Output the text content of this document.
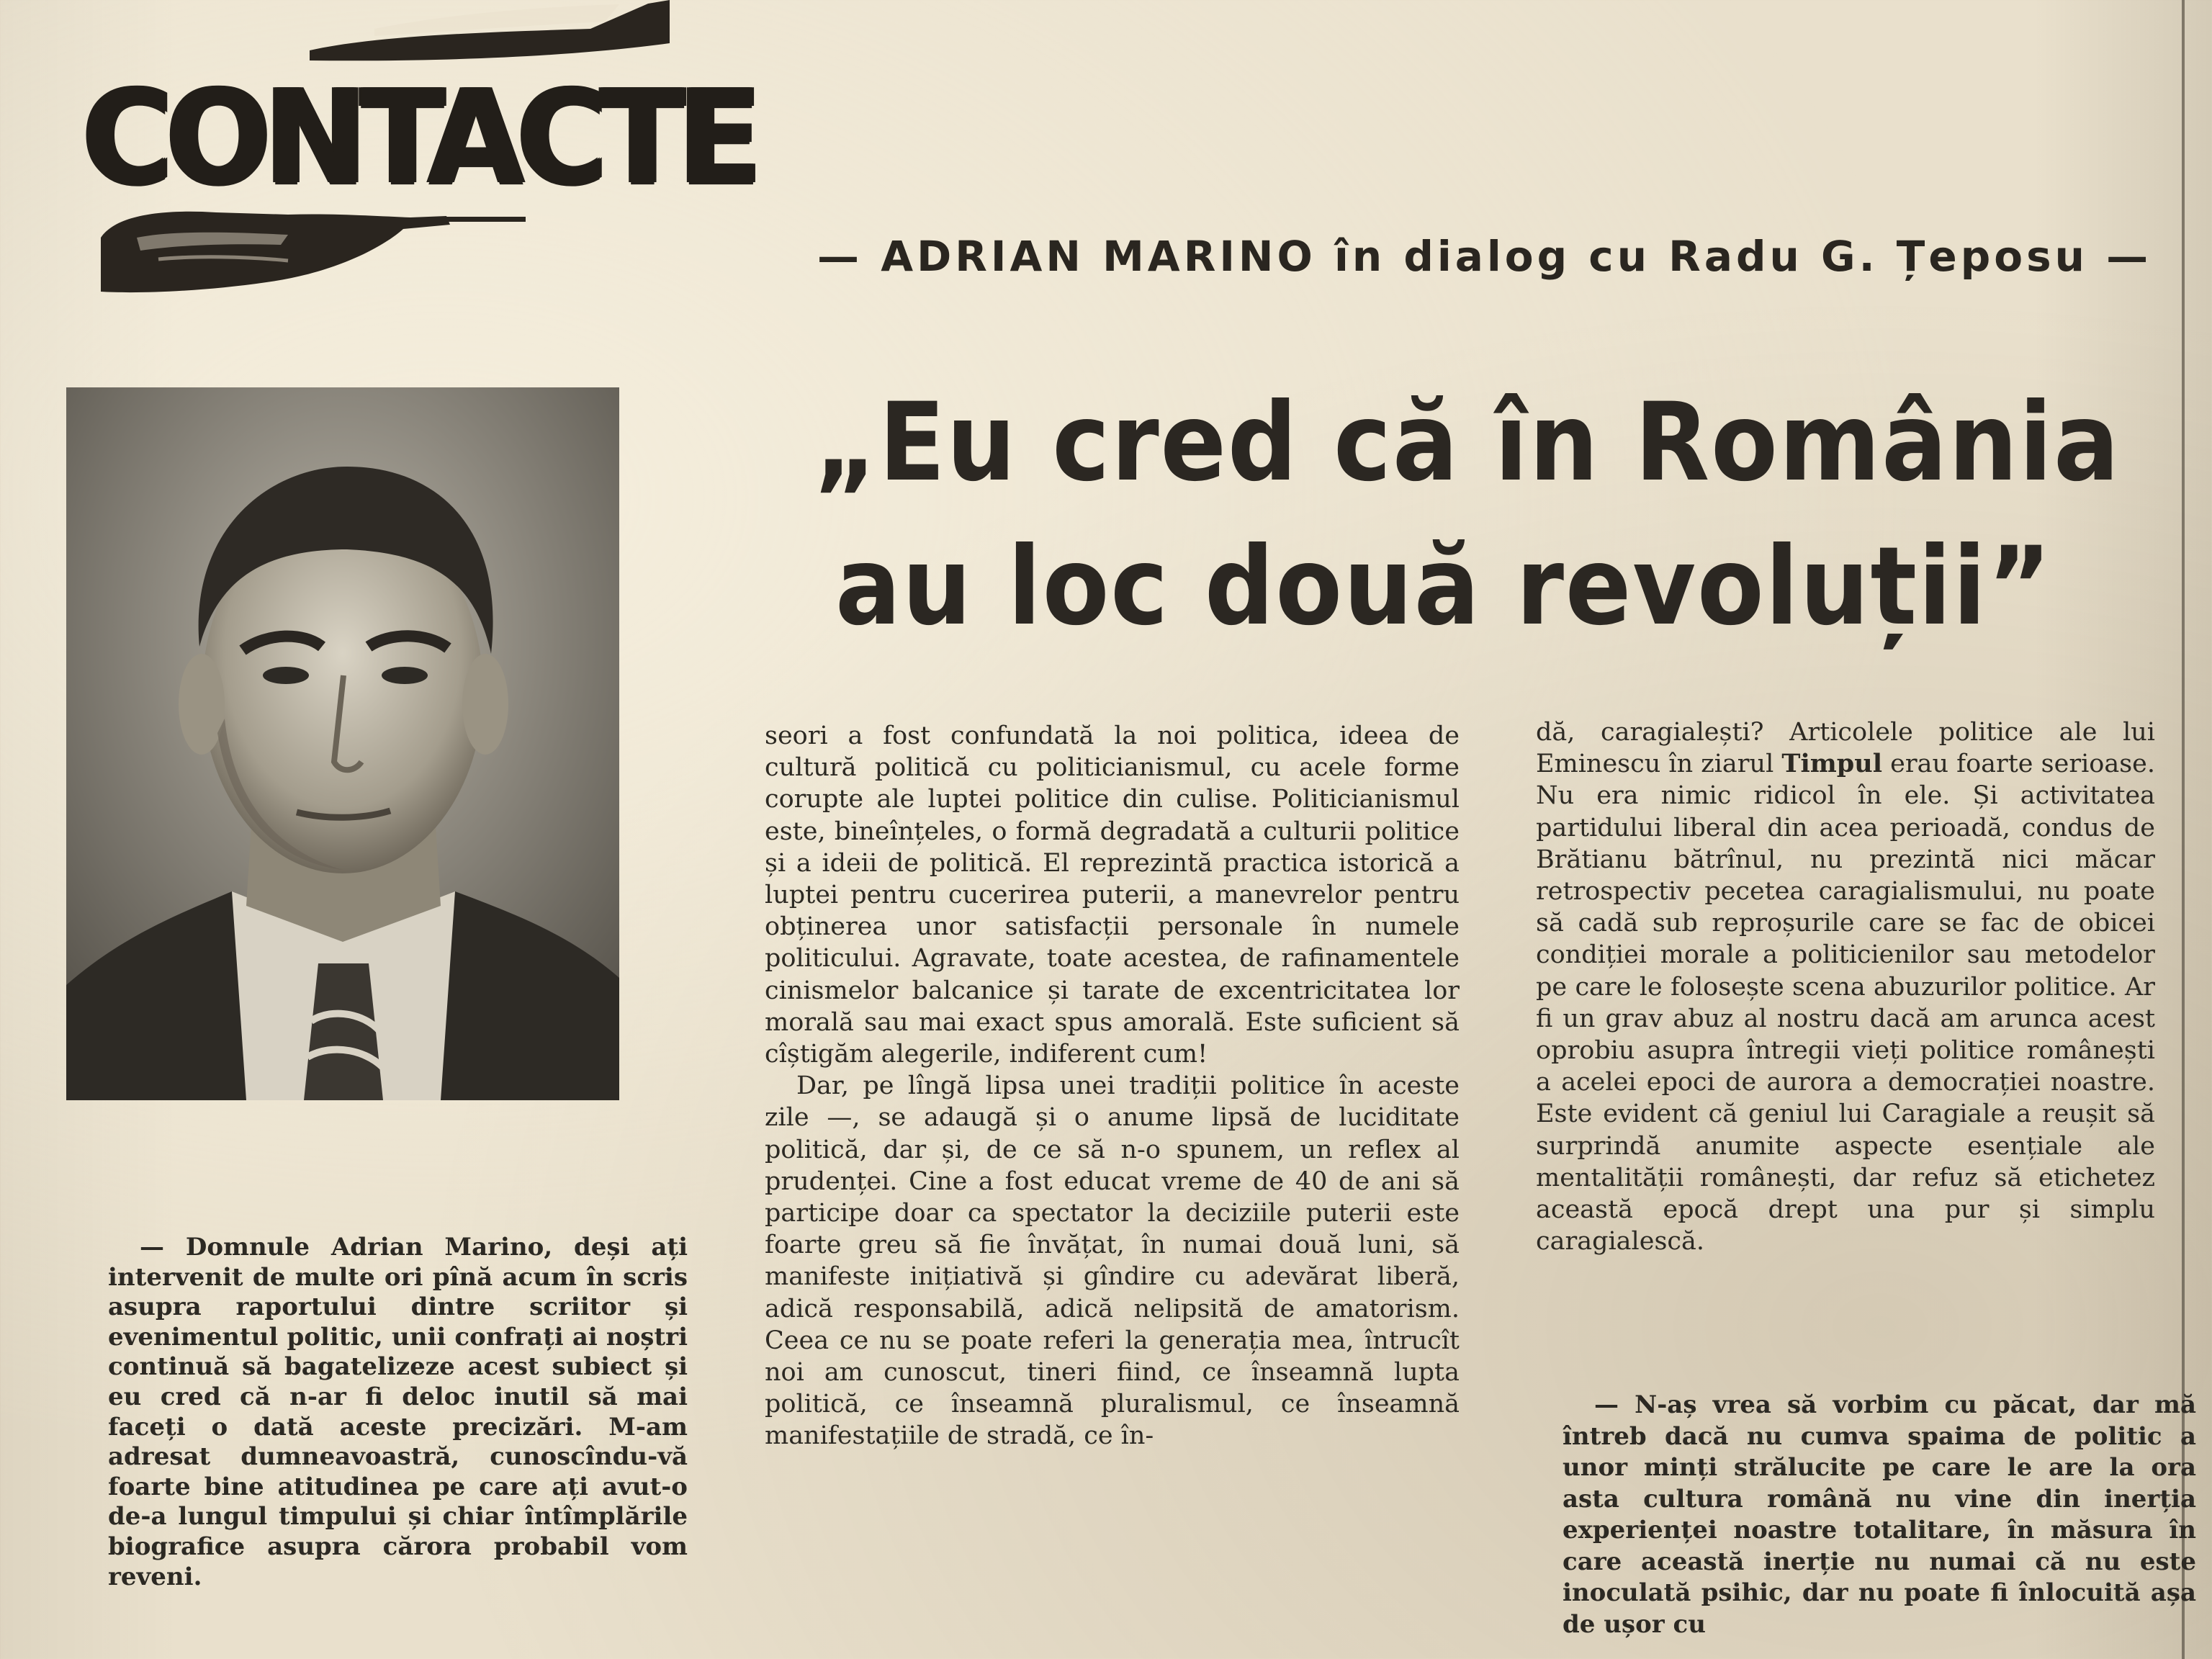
CONTACTE
— ADRIAN MARINO în dialog cu Radu G. Țeposu —
„Eu cred că în România
au loc două revoluții”

— Domnule Adrian Marino, deși ați intervenit de multe ori pînă acum în scris asupra raportului dintre scriitor și evenimentul politic, unii confrați ai noștri continuă să bagatelizeze acest subiect și eu cred că n-ar fi deloc inutil să mai faceți o dată aceste precizări. M-am adresat dumneavoastră, cunoscîndu-vă foarte bine atitudinea pe care ați avut-o de-a lungul timpului și chiar întîmplările biografice asupra cărora probabil vom reveni.

seori a fost confundată la noi politica, ideea de cultură politică cu politicianismul, cu acele forme corupte ale luptei politice din culise. Politicianismul este, bineînțeles, o formă degradată a culturii politice și a ideii de politică. El reprezintă practica istorică a luptei pentru cucerirea puterii, a manevrelor pentru obținerea unor satisfacții personale în numele politicului. Agravate, toate acestea, de rafinamentele cinismelor balcanice și tarate de excentricitatea lor morală sau mai exact spus amorală. Este suficient să cîștigăm alegerile, indiferent cum!

Dar, pe lîngă lipsa unei tradiții politice în aceste zile —, se adaugă și o anume lipsă de luciditate politică, dar și, de ce să n-o spunem, un reflex al prudenței. Cine a fost educat vreme de 40 de ani să participe doar ca spectator la deciziile puterii este foarte greu să fie învățat, în numai două luni, să manifeste inițiativă și gîndire cu adevărat liberă, adică responsabilă, adică nelipsită de amatorism. Ceea ce nu se poate referi la generația mea, întrucît noi am cunoscut, tineri fiind, ce înseamnă lupta politică, ce înseamnă pluralismul, ce înseamnă manifestațiile de stradă, ce în-

dă, caragialești? Articolele politice ale lui Eminescu în ziarul Timpul erau foarte serioase. Nu era nimic ridicol în ele. Și activitatea partidului liberal din acea perioadă, condus de Brătianu bătrînul, nu prezintă nici măcar retrospectiv pecetea caragialismului, nu poate să cadă sub reproșurile care se fac de obicei condiției morale a politicienilor sau metodelor pe care le folosește scena abuzurilor politice. Ar fi un grav abuz al nostru dacă am arunca acest oprobiu asupra întregii vieți politice românești a acelei epoci de aurora a democrației noastre. Este evident că geniul lui Caragiale a reușit să surprindă anumite aspecte esențiale ale mentalității românești, dar refuz să etichetez această epocă drept una pur și simplu caragialescă.

— N-aș vrea să vorbim cu păcat, dar mă întreb dacă nu cumva spaima de politic a unor minți strălucite pe care le are la ora asta cultura română nu vine din inerția experienței noastre totalitare, în măsura în care această inerție nu numai că nu este inoculată psihic, dar nu poate fi înlocuită așa de ușor cu
